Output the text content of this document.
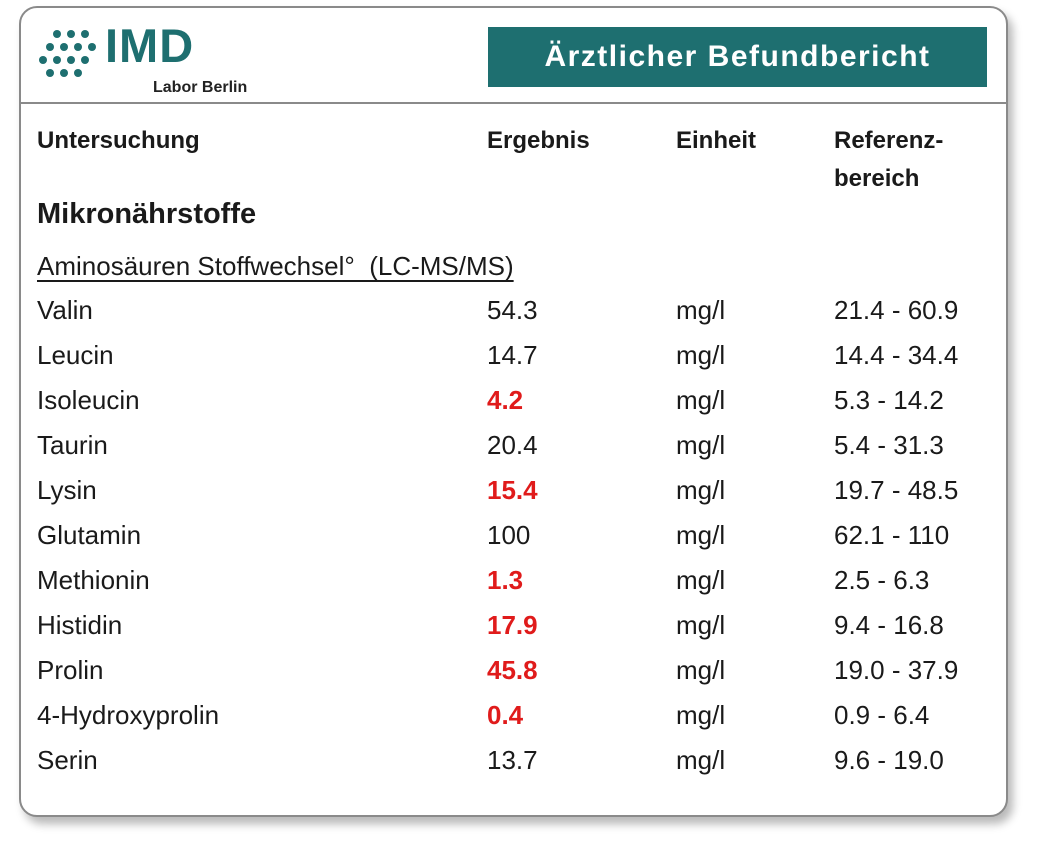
IMD
Labor Berlin
Ärztlicher Befundbericht
Untersuchung	Ergebnis	Einheit	Referenz-
bereich
Mikronährstoffe
Aminosäuren Stoffwechsel°  (LC-MS/MS)
Valin	54.3	mg/l	21.4 - 60.9
Leucin	14.7	mg/l	14.4 - 34.4
Isoleucin	4.2	mg/l	5.3 - 14.2
Taurin	20.4	mg/l	5.4 - 31.3
Lysin	15.4	mg/l	19.7 - 48.5
Glutamin	100	mg/l	62.1 - 110
Methionin	1.3	mg/l	2.5 - 6.3
Histidin	17.9	mg/l	9.4 - 16.8
Prolin	45.8	mg/l	19.0 - 37.9
4-Hydroxyprolin	0.4	mg/l	0.9 - 6.4
Serin	13.7	mg/l	9.6 - 19.0
